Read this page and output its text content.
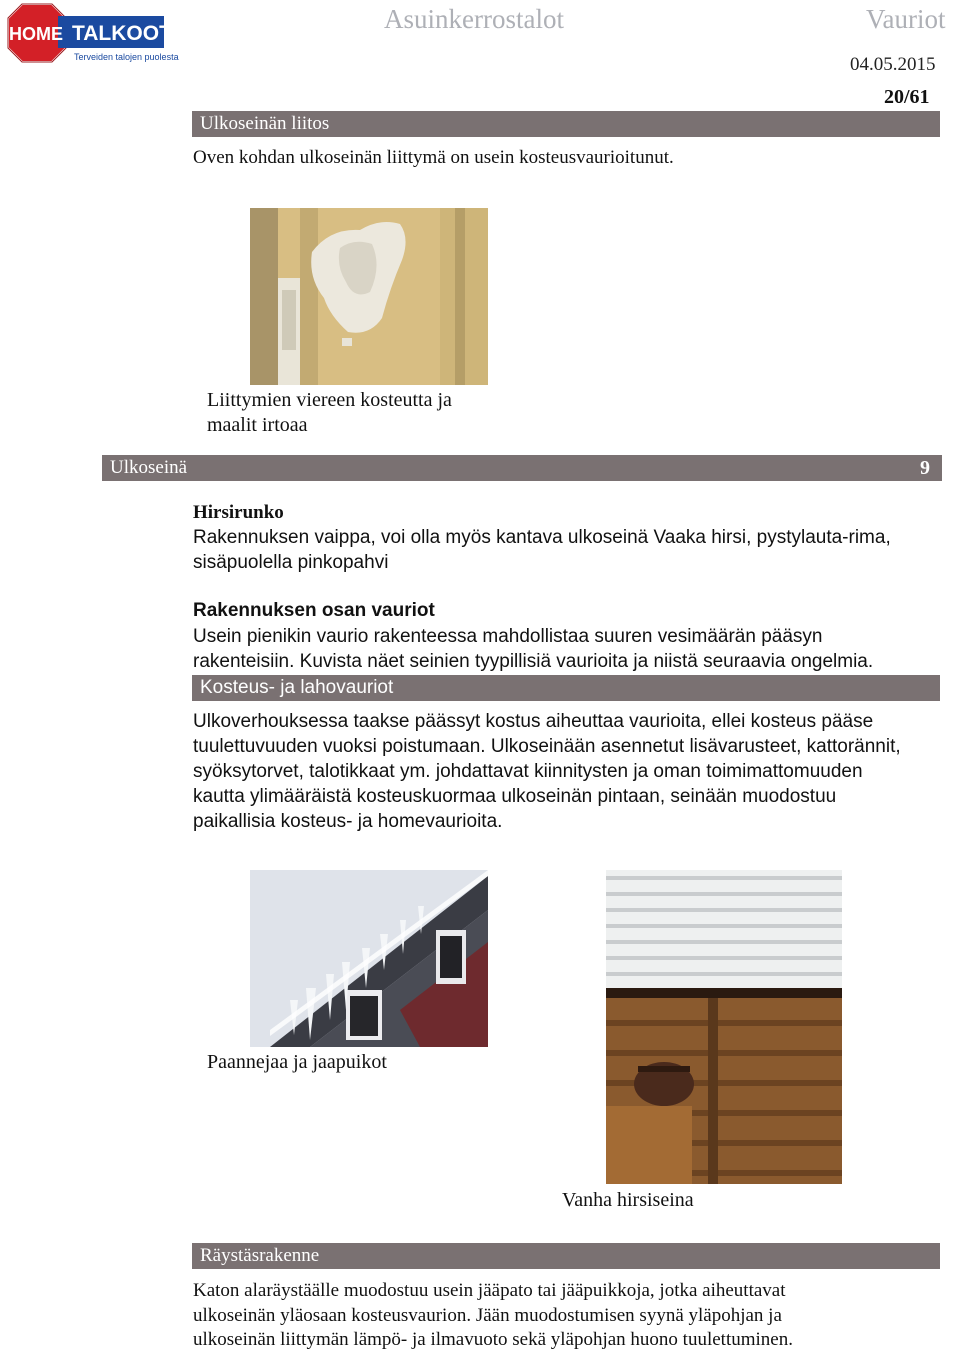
HOME TALKOOT.FI
Terveiden talojen puolesta
Asuinkerrostalot	Vauriot
04.05.2015
Ulkoseinän liitos
20/61
Oven kohdan ulkoseinän liittymä on usein kosteusvaurioitunut.
Liittymien viereen kosteutta ja
maalit irtoaa
Ulkoseinä	9
Hirsirunko
Rakennuksen vaippa, voi olla myös kantava ulkoseinä Vaaka hirsi, pystylauta-rima,
sisäpuolella pinkopahvi
Rakennuksen osan vauriot
Usein pienikin vaurio rakenteessa mahdollistaa suuren vesimäärän pääsyn
rakenteisiin. Kuvista näet seinien tyypillisiä vaurioita ja niistä seuraavia ongelmia.
Kosteus- ja lahovauriot
Ulkoverhouksessa taakse päässyt kostus aiheuttaa vaurioita, ellei kosteus pääse
tuulettuvuuden vuoksi poistumaan. Ulkoseinään asennetut lisävarusteet, kattorännit,
syöksytorvet, talotikkaat ym. johdattavat kiinnitysten ja oman toimimattomuuden
kautta ylimääräistä kosteuskuormaa ulkoseinän pintaan, seinään muodostuu
paikallisia kosteus- ja homevaurioita.
Paannejaa ja jaapuikot
Vanha hirsiseina
Räystäsrakenne
Katon alaräystäälle muodostuu usein jääpato tai jääpuikkoja, jotka aiheuttavat
ulkoseinän yläosaan kosteusvaurion. Jään muodostumisen syynä yläpohjan ja
ulkoseinän liittymän lämpö- ja ilmavuoto sekä yläpohjan huono tuulettuminen.
